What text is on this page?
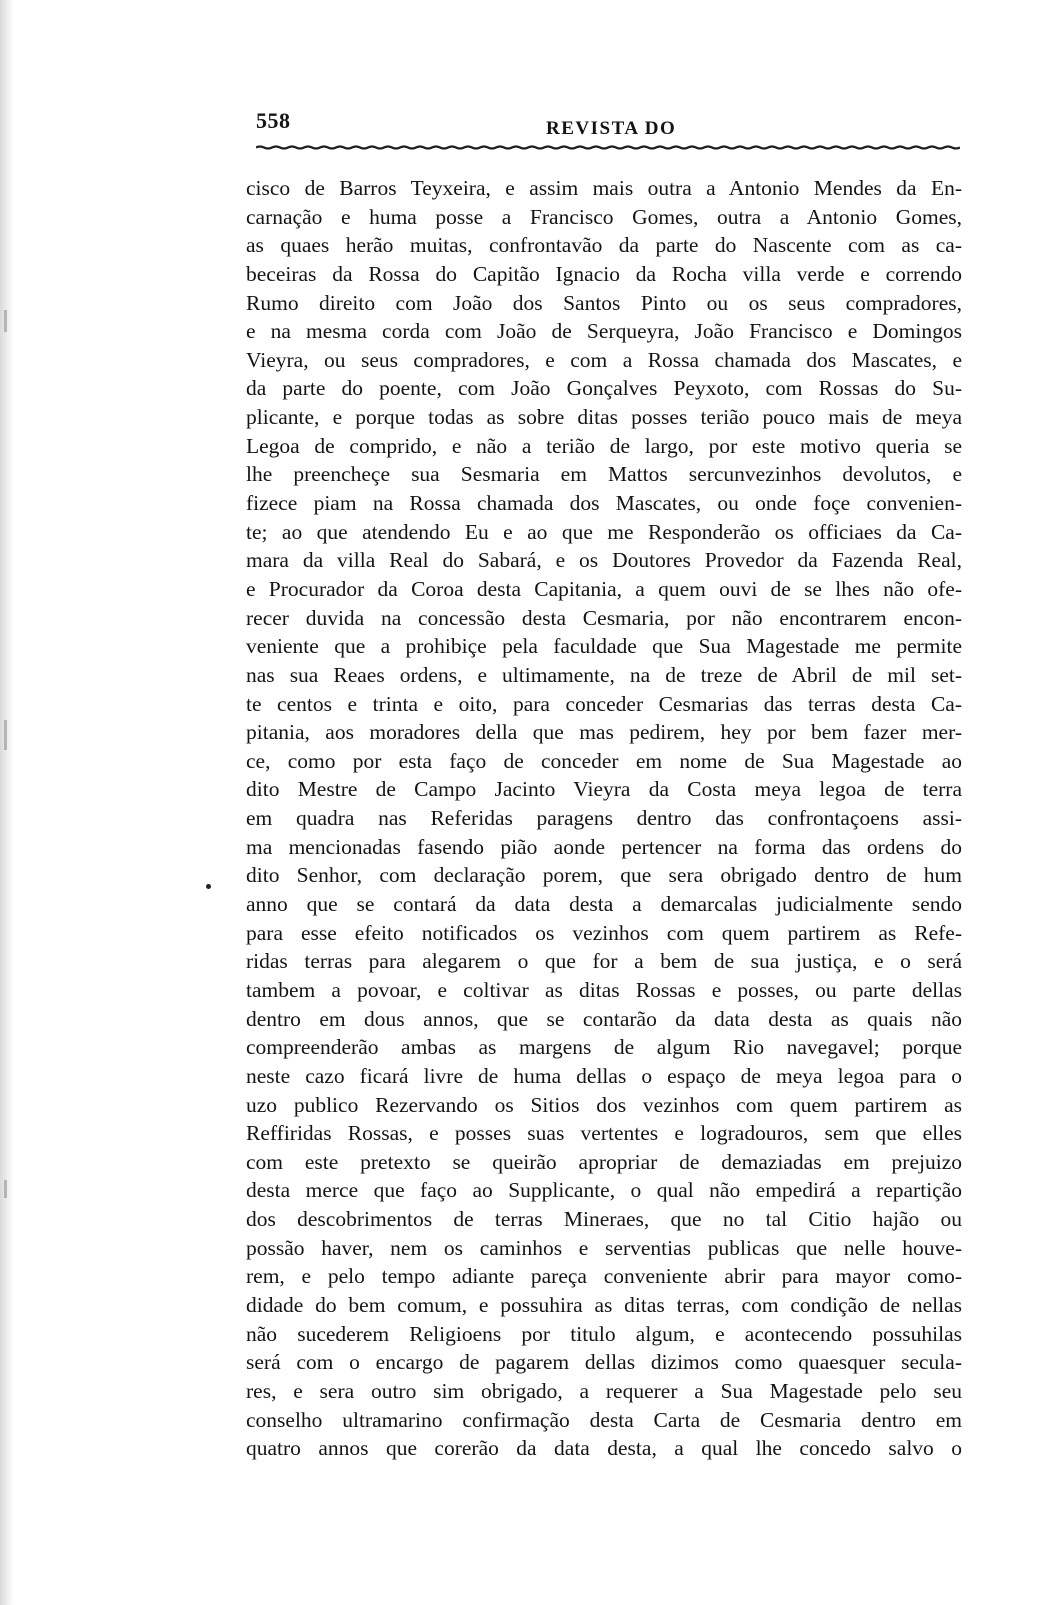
558	REVISTA DO
cisco de Barros Teyxeira, e assim mais outra a Antonio Mendes da En-
carnação e huma posse a Francisco Gomes, outra a Antonio Gomes,
as quaes herão muitas, confrontavão da parte do Nascente com as ca-
beceiras da Rossa do Capitão Ignacio da Rocha villa verde e correndo
Rumo direito com João dos Santos Pinto ou os seus compradores,
e na mesma corda com João de Serqueyra, João Francisco e Domingos
Vieyra, ou seus compradores, e com a Rossa chamada dos Mascates, e
da parte do poente, com João Gonçalves Peyxoto, com Rossas do Su-
plicante, e porque todas as sobre ditas posses terião pouco mais de meya
Legoa de comprido, e não a terião de largo, por este motivo queria se
lhe preencheçe sua Sesmaria em Mattos sercunvezinhos devolutos, e
fizece piam na Rossa chamada dos Mascates, ou onde foçe convenien-
te; ao que atendendo Eu e ao que me Responderão os officiaes da Ca-
mara da villa Real do Sabará, e os Doutores Provedor da Fazenda Real,
e Procurador da Coroa desta Capitania, a quem ouvi de se lhes não ofe-
recer duvida na concessão desta Cesmaria, por não encontrarem encon-
veniente que a prohibiçe pela faculdade que Sua Magestade me permite
nas sua Reaes ordens, e ultimamente, na de treze de Abril de mil set-
te centos e trinta e oito, para conceder Cesmarias das terras desta Ca-
pitania, aos moradores della que mas pedirem, hey por bem fazer mer-
ce, como por esta faço de conceder em nome de Sua Magestade ao
dito Mestre de Campo Jacinto Vieyra da Costa meya legoa de terra
em quadra nas Referidas paragens dentro das confrontaçoens assi-
ma mencionadas fasendo pião aonde pertencer na forma das ordens do
dito Senhor, com declaração porem, que sera obrigado dentro de hum
anno que se contará da data desta a demarcalas judicialmente sendo
para esse efeito notificados os vezinhos com quem partirem as Refe-
ridas terras para alegarem o que for a bem de sua justiça, e o será
tambem a povoar, e coltivar as ditas Rossas e posses, ou parte dellas
dentro em dous annos, que se contarão da data desta as quais não
compreenderão ambas as margens de algum Rio navegavel; porque
neste cazo ficará livre de huma dellas o espaço de meya legoa para o
uzo publico Rezervando os Sitios dos vezinhos com quem partirem as
Reffiridas Rossas, e posses suas vertentes e logradouros, sem que elles
com este pretexto se queirão apropriar de demaziadas em prejuizo
desta merce que faço ao Supplicante, o qual não empedirá a repartição
dos descobrimentos de terras Mineraes, que no tal Citio hajão ou
possão haver, nem os caminhos e serventias publicas que nelle houve-
rem, e pelo tempo adiante pareça conveniente abrir para mayor como-
didade do bem comum, e possuhira as ditas terras, com condição de nellas
não sucederem Religioens por titulo algum, e acontecendo possuhilas
será com o encargo de pagarem dellas dizimos como quaesquer secula-
res, e sera outro sim obrigado, a requerer a Sua Magestade pelo seu
conselho ultramarino confirmação desta Carta de Cesmaria dentro em
quatro annos que corerão da data desta, a qual lhe concedo salvo o
